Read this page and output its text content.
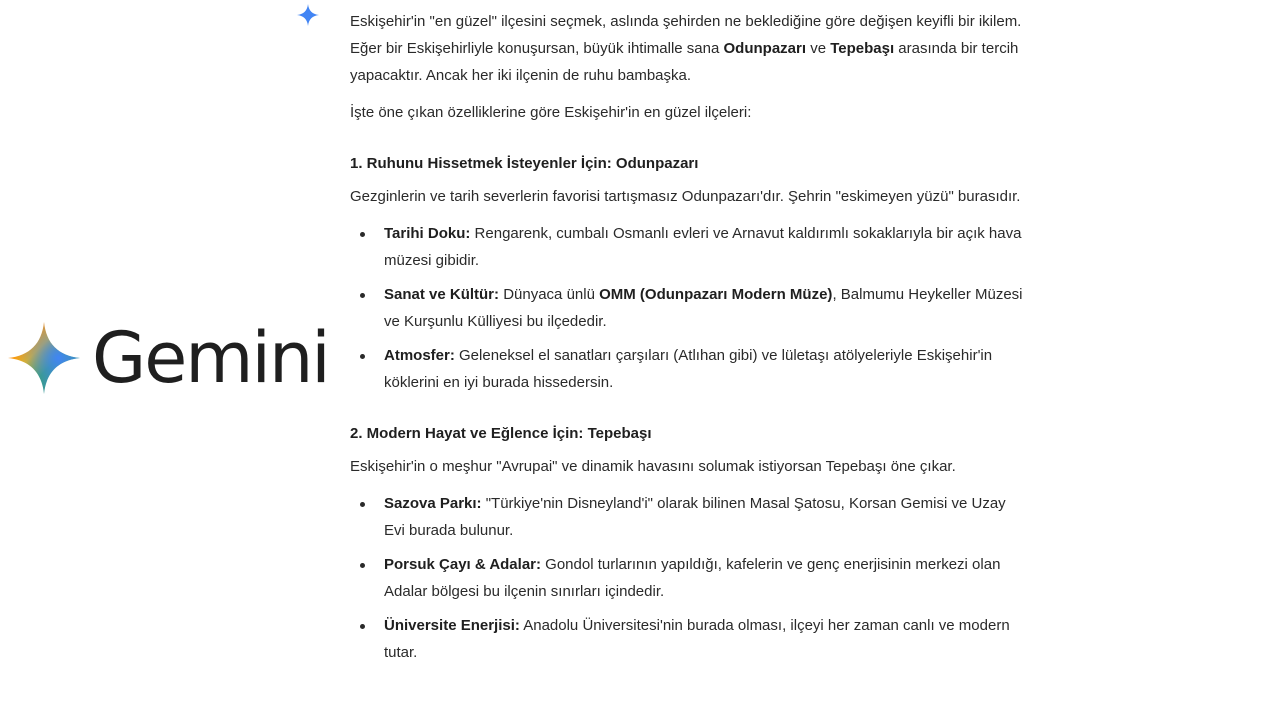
Gemini

Eskişehir'in "en güzel" ilçesini seçmek, aslında şehirden ne beklediğine göre değişen keyifli bir ikilem. Eğer bir Eskişehirliyle konuşursan, büyük ihtimalle sana Odunpazarı ve Tepebaşı arasında bir tercih yapacaktır. Ancak her iki ilçenin de ruhu bambaşka.

İşte öne çıkan özelliklerine göre Eskişehir'in en güzel ilçeleri:

1. Ruhunu Hissetmek İsteyenler İçin: Odunpazarı

Gezginlerin ve tarih severlerin favorisi tartışmasız Odunpazarı'dır. Şehrin "eskimeyen yüzü" burasıdır.

Tarihi Doku: Rengarenk, cumbalı Osmanlı evleri ve Arnavut kaldırımlı sokaklarıyla bir açık hava müzesi gibidir.
Sanat ve Kültür: Dünyaca ünlü OMM (Odunpazarı Modern Müze), Balmumu Heykeller Müzesi ve Kurşunlu Külliyesi bu ilçededir.
Atmosfer: Geleneksel el sanatları çarşıları (Atlıhan gibi) ve lületaşı atölyeleriyle Eskişehir'in köklerini en iyi burada hissedersin.
2. Modern Hayat ve Eğlence İçin: Tepebaşı

Eskişehir'in o meşhur "Avrupai" ve dinamik havasını solumak istiyorsan Tepebaşı öne çıkar.

Sazova Parkı: "Türkiye'nin Disneyland'i" olarak bilinen Masal Şatosu, Korsan Gemisi ve Uzay Evi burada bulunur.
Porsuk Çayı & Adalar: Gondol turlarının yapıldığı, kafelerin ve genç enerjisinin merkezi olan Adalar bölgesi bu ilçenin sınırları içindedir.
Üniversite Enerjisi: Anadolu Üniversitesi'nin burada olması, ilçeyi her zaman canlı ve modern tutar.
